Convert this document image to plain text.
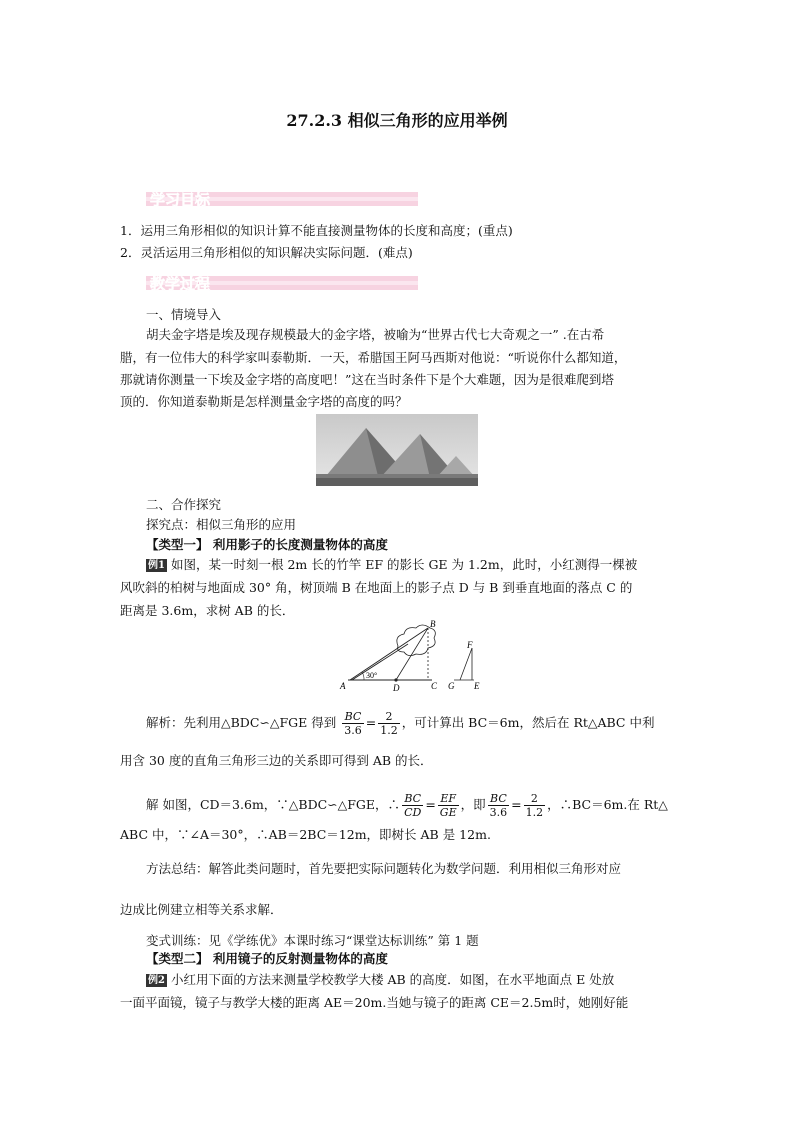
27.2.3 相似三角形的应用举例
学习目标
1．运用三角形相似的知识计算不能直接测量物体的长度和高度；(重点)
2．灵活运用三角形相似的知识解决实际问题．(难点)
教学过程
一、情境导入
胡夫金字塔是埃及现存规模最大的金字塔，被喻为“世界古代七大奇观之一” .在古希
腊，有一位伟大的科学家叫泰勒斯．一天，希腊国王阿马西斯对他说：“听说你什么都知道，
那就请你测量一下埃及金字塔的高度吧！”这在当时条件下是个大难题，因为是很难爬到塔
顶的．你知道泰勒斯是怎样测量金字塔的高度的吗？
二、合作探究
探究点：相似三角形的应用
【类型一】 利用影子的长度测量物体的高度
例1 如图，某一时刻一根 2m 长的竹竿 EF 的影长 GE 为 1.2m，此时，小红测得一棵被
风吹斜的柏树与地面成 30° 角，树顶端 B 在地面上的影子点 D 与 B 到垂直地面的落点 C 的
距离是 3.6m，求树 AB 的长．
A
B
C
D	E
F
G
30°
解析：先利用△BDC∽△FGE 得到 $\frac{BC}{3.6} = \frac{2}{1.2}$ ，可计算出 BC＝6m，然后在 Rt△ABC 中利
用含 30 度的直角三角形三边的关系即可得到 AB 的长．
解 如图，CD＝3.6m，∵△BDC∽△FGE，∴ $\frac{BC}{CD} = \frac{EF}{GE}$ ，即 $\frac{BC}{3.6} = \frac{2}{1.2}$ ，∴BC＝6m.在 Rt△
ABC 中，∵∠A＝30°，∴AB＝2BC＝12m，即树长 AB 是 12m.
方法总结：解答此类问题时，首先要把实际问题转化为数学问题．利用相似三角形对应
边成比例建立相等关系求解．
变式训练：见《学练优》本课时练习“课堂达标训练” 第 1 题
【类型二】 利用镜子的反射测量物体的高度
例2 小红用下面的方法来测量学校教学大楼 AB 的高度．如图，在水平地面点 E 处放
一面平面镜，镜子与教学大楼的距离 AE＝20m.当她与镜子的距离 CE＝2.5m时，她刚好能
